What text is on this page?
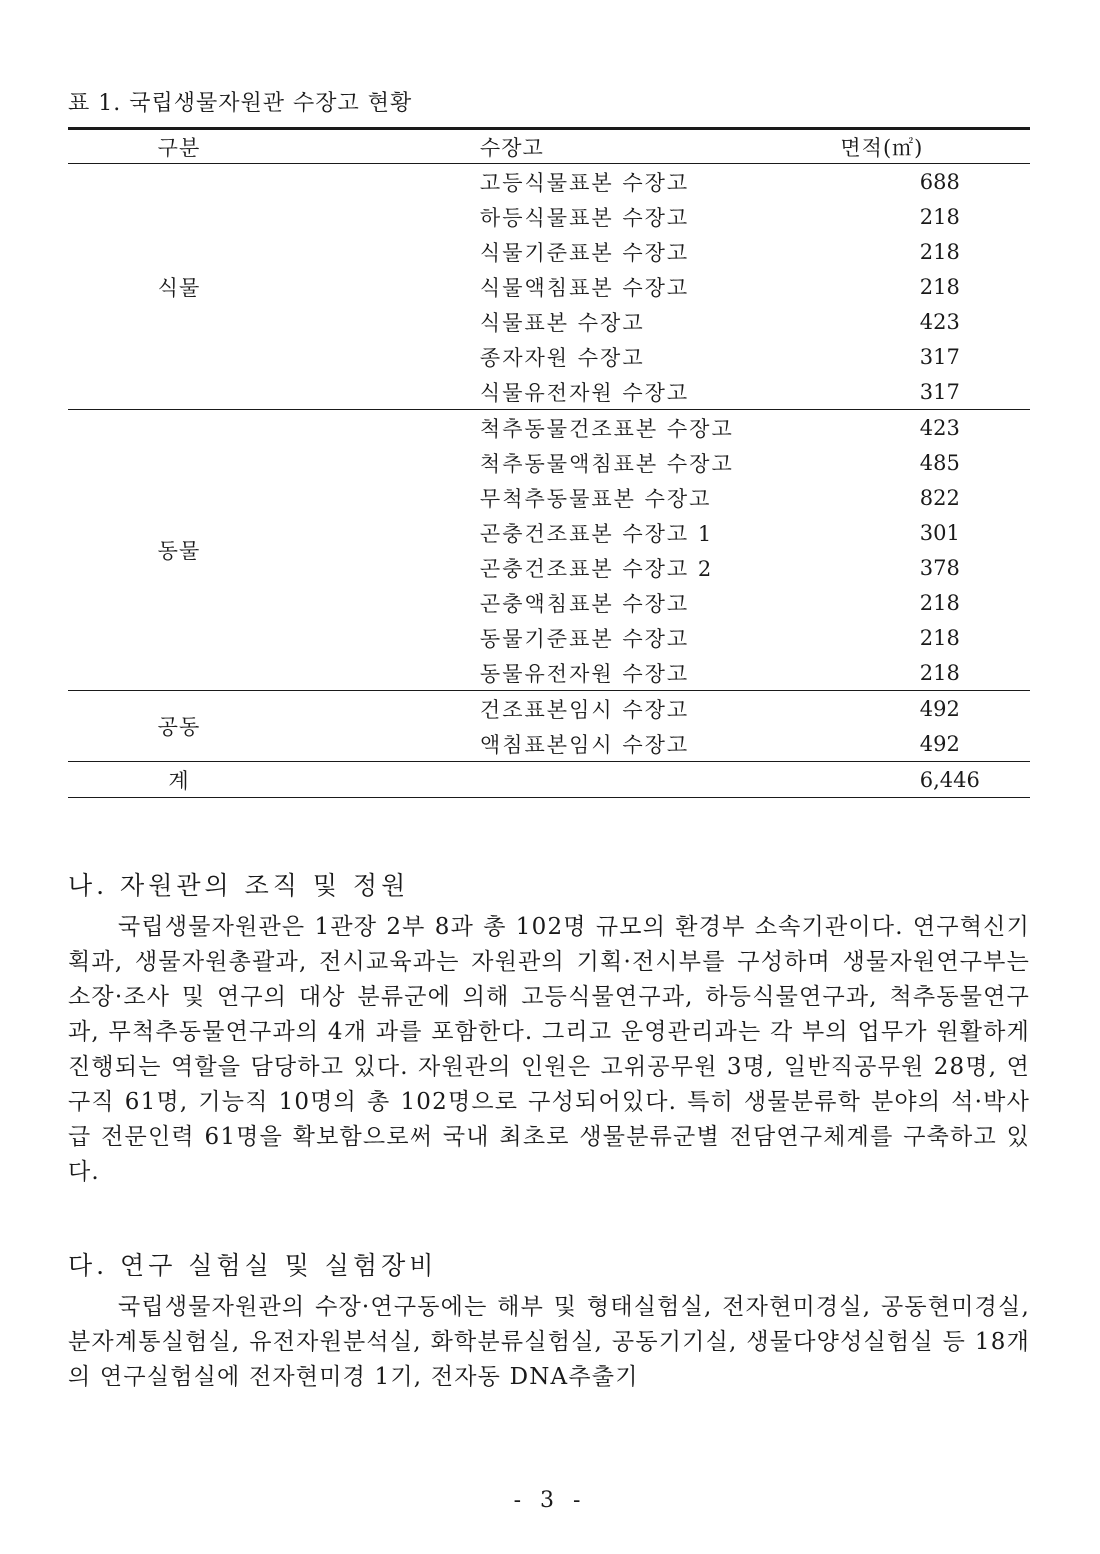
표 1. 국립생물자원관 수장고 현황
구분	수장고	면적(㎡)
식물	고등식물표본 수장고	688
	하등식물표본 수장고	218
	식물기준표본 수장고	218
	식물액침표본 수장고	218
	식물표본 수장고	423
	종자자원 수장고	317
	식물유전자원 수장고	317
동물	척추동물건조표본 수장고	423
	척추동물액침표본 수장고	485
	무척추동물표본 수장고	822
	곤충건조표본 수장고 1	301
	곤충건조표본 수장고 2	378
	곤충액침표본 수장고	218
	동물기준표본 수장고	218
	동물유전자원 수장고	218
공동	건조표본임시 수장고	492
	액침표본임시 수장고	492
계		6,446
나. 자원관의 조직 및 정원

국립생물자원관은 1관장 2부 8과 총 102명 규모의 환경부 소속기관이다. 연구혁신기획과, 생물자원총괄과, 전시교육과는 자원관의 기획·전시부를 구성하며 생물자원연구부는 소장·조사 및 연구의 대상 분류군에 의해 고등식물연구과, 하등식물연구과, 척추동물연구과, 무척추동물연구과의 4개 과를 포함한다. 그리고 운영관리과는 각 부의 업무가 원활하게 진행되는 역할을 담당하고 있다. 자원관의 인원은 고위공무원 3명, 일반직공무원 28명, 연구직 61명, 기능직 10명의 총 102명으로 구성되어있다. 특히 생물분류학 분야의 석·박사급 전문인력 61명을 확보함으로써 국내 최초로 생물분류군별 전담연구체계를 구축하고 있다.

다. 연구 실험실 및 실험장비

국립생물자원관의 수장·연구동에는 해부 및 형태실험실, 전자현미경실, 공동현미경실, 분자계통실험실, 유전자원분석실, 화학분류실험실, 공동기기실, 생물다양성실험실 등 18개의 연구실험실에 전자현미경 1기, 전자동 DNA추출기

- 3 -
